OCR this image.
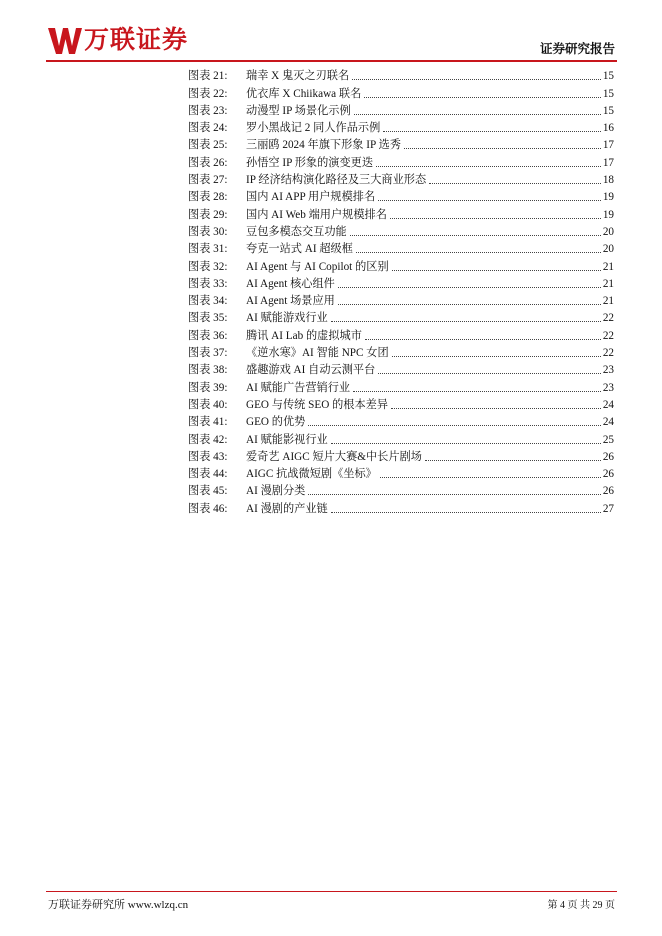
万联证券	证券研究报告
图表 21:	瑞幸 X 鬼灭之刃联名	15
图表 22:	优衣库 X Chiikawa 联名	15
图表 23:	动漫型 IP 场景化示例	15
图表 24:	罗小黑战记 2 同人作品示例	16
图表 25:	三丽鸥 2024 年旗下形象 IP 选秀	17
图表 26:	孙悟空 IP 形象的演变更迭	17
图表 27:	IP 经济结构演化路径及三大商业形态	18
图表 28:	国内 AI APP 用户规模排名	19
图表 29:	国内 AI Web 端用户规模排名	19
图表 30:	豆包多模态交互功能	20
图表 31:	夸克一站式 AI 超级框	20
图表 32:	AI Agent 与 AI Copilot 的区别	21
图表 33:	AI Agent 核心组件	21
图表 34:	AI Agent 场景应用	21
图表 35:	AI 赋能游戏行业	22
图表 36:	腾讯 AI Lab 的虚拟城市	22
图表 37:	《逆水寒》AI 智能 NPC 女团	22
图表 38:	盛趣游戏 AI 自动云测平台	23
图表 39:	AI 赋能广告营销行业	23
图表 40:	GEO 与传统 SEO 的根本差异	24
图表 41:	GEO 的优势	24
图表 42:	AI 赋能影视行业	25
图表 43:	爱奇艺 AIGC 短片大赛&中长片剧场	26
图表 44:	AIGC 抗战微短剧《坐标》	26
图表 45:	AI 漫剧分类	26
图表 46:	AI 漫剧的产业链	27
万联证券研究所 www.wlzq.cn	第 4 页 共 29 页
